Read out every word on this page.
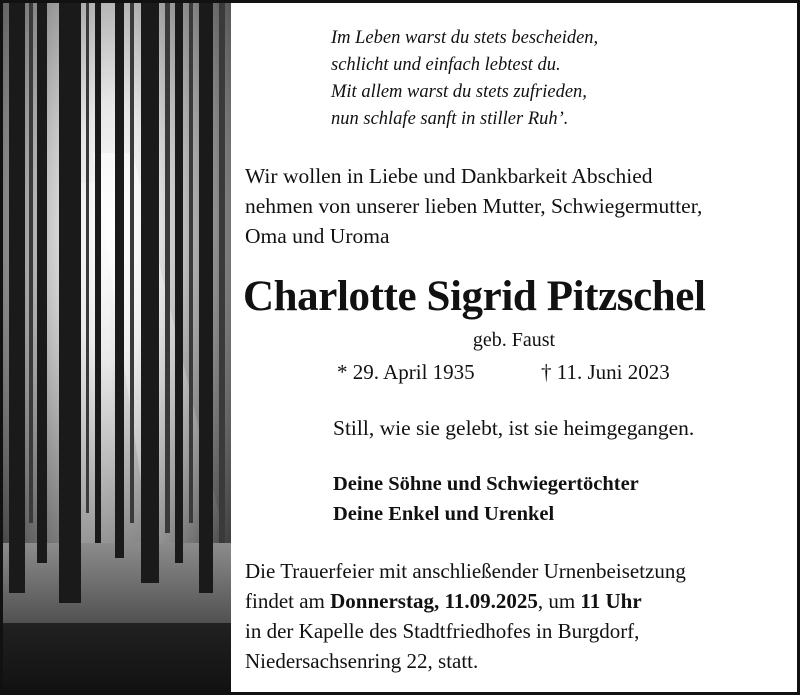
Im Leben warst du stets bescheiden,
schlicht und einfach lebtest du.
Mit allem warst du stets zufrieden,
nun schlafe sanft in stiller Ruh’.
Wir wollen in Liebe und Dankbarkeit Abschied
nehmen von unserer lieben Mutter, Schwiegermutter,
Oma und Uroma
Charlotte Sigrid Pitzschel
geb. Faust
* 29. April 1935	† 11. Juni 2023
Still, wie sie gelebt, ist sie heimgegangen.
Deine Söhne und Schwiegertöchter
Deine Enkel und Urenkel
Die Trauerfeier mit anschließender Urnenbeisetzung
findet am Donnerstag, 11.09.2025, um 11 Uhr
in der Kapelle des Stadtfriedhofes in Burgdorf,
Niedersachsenring 22, statt.
